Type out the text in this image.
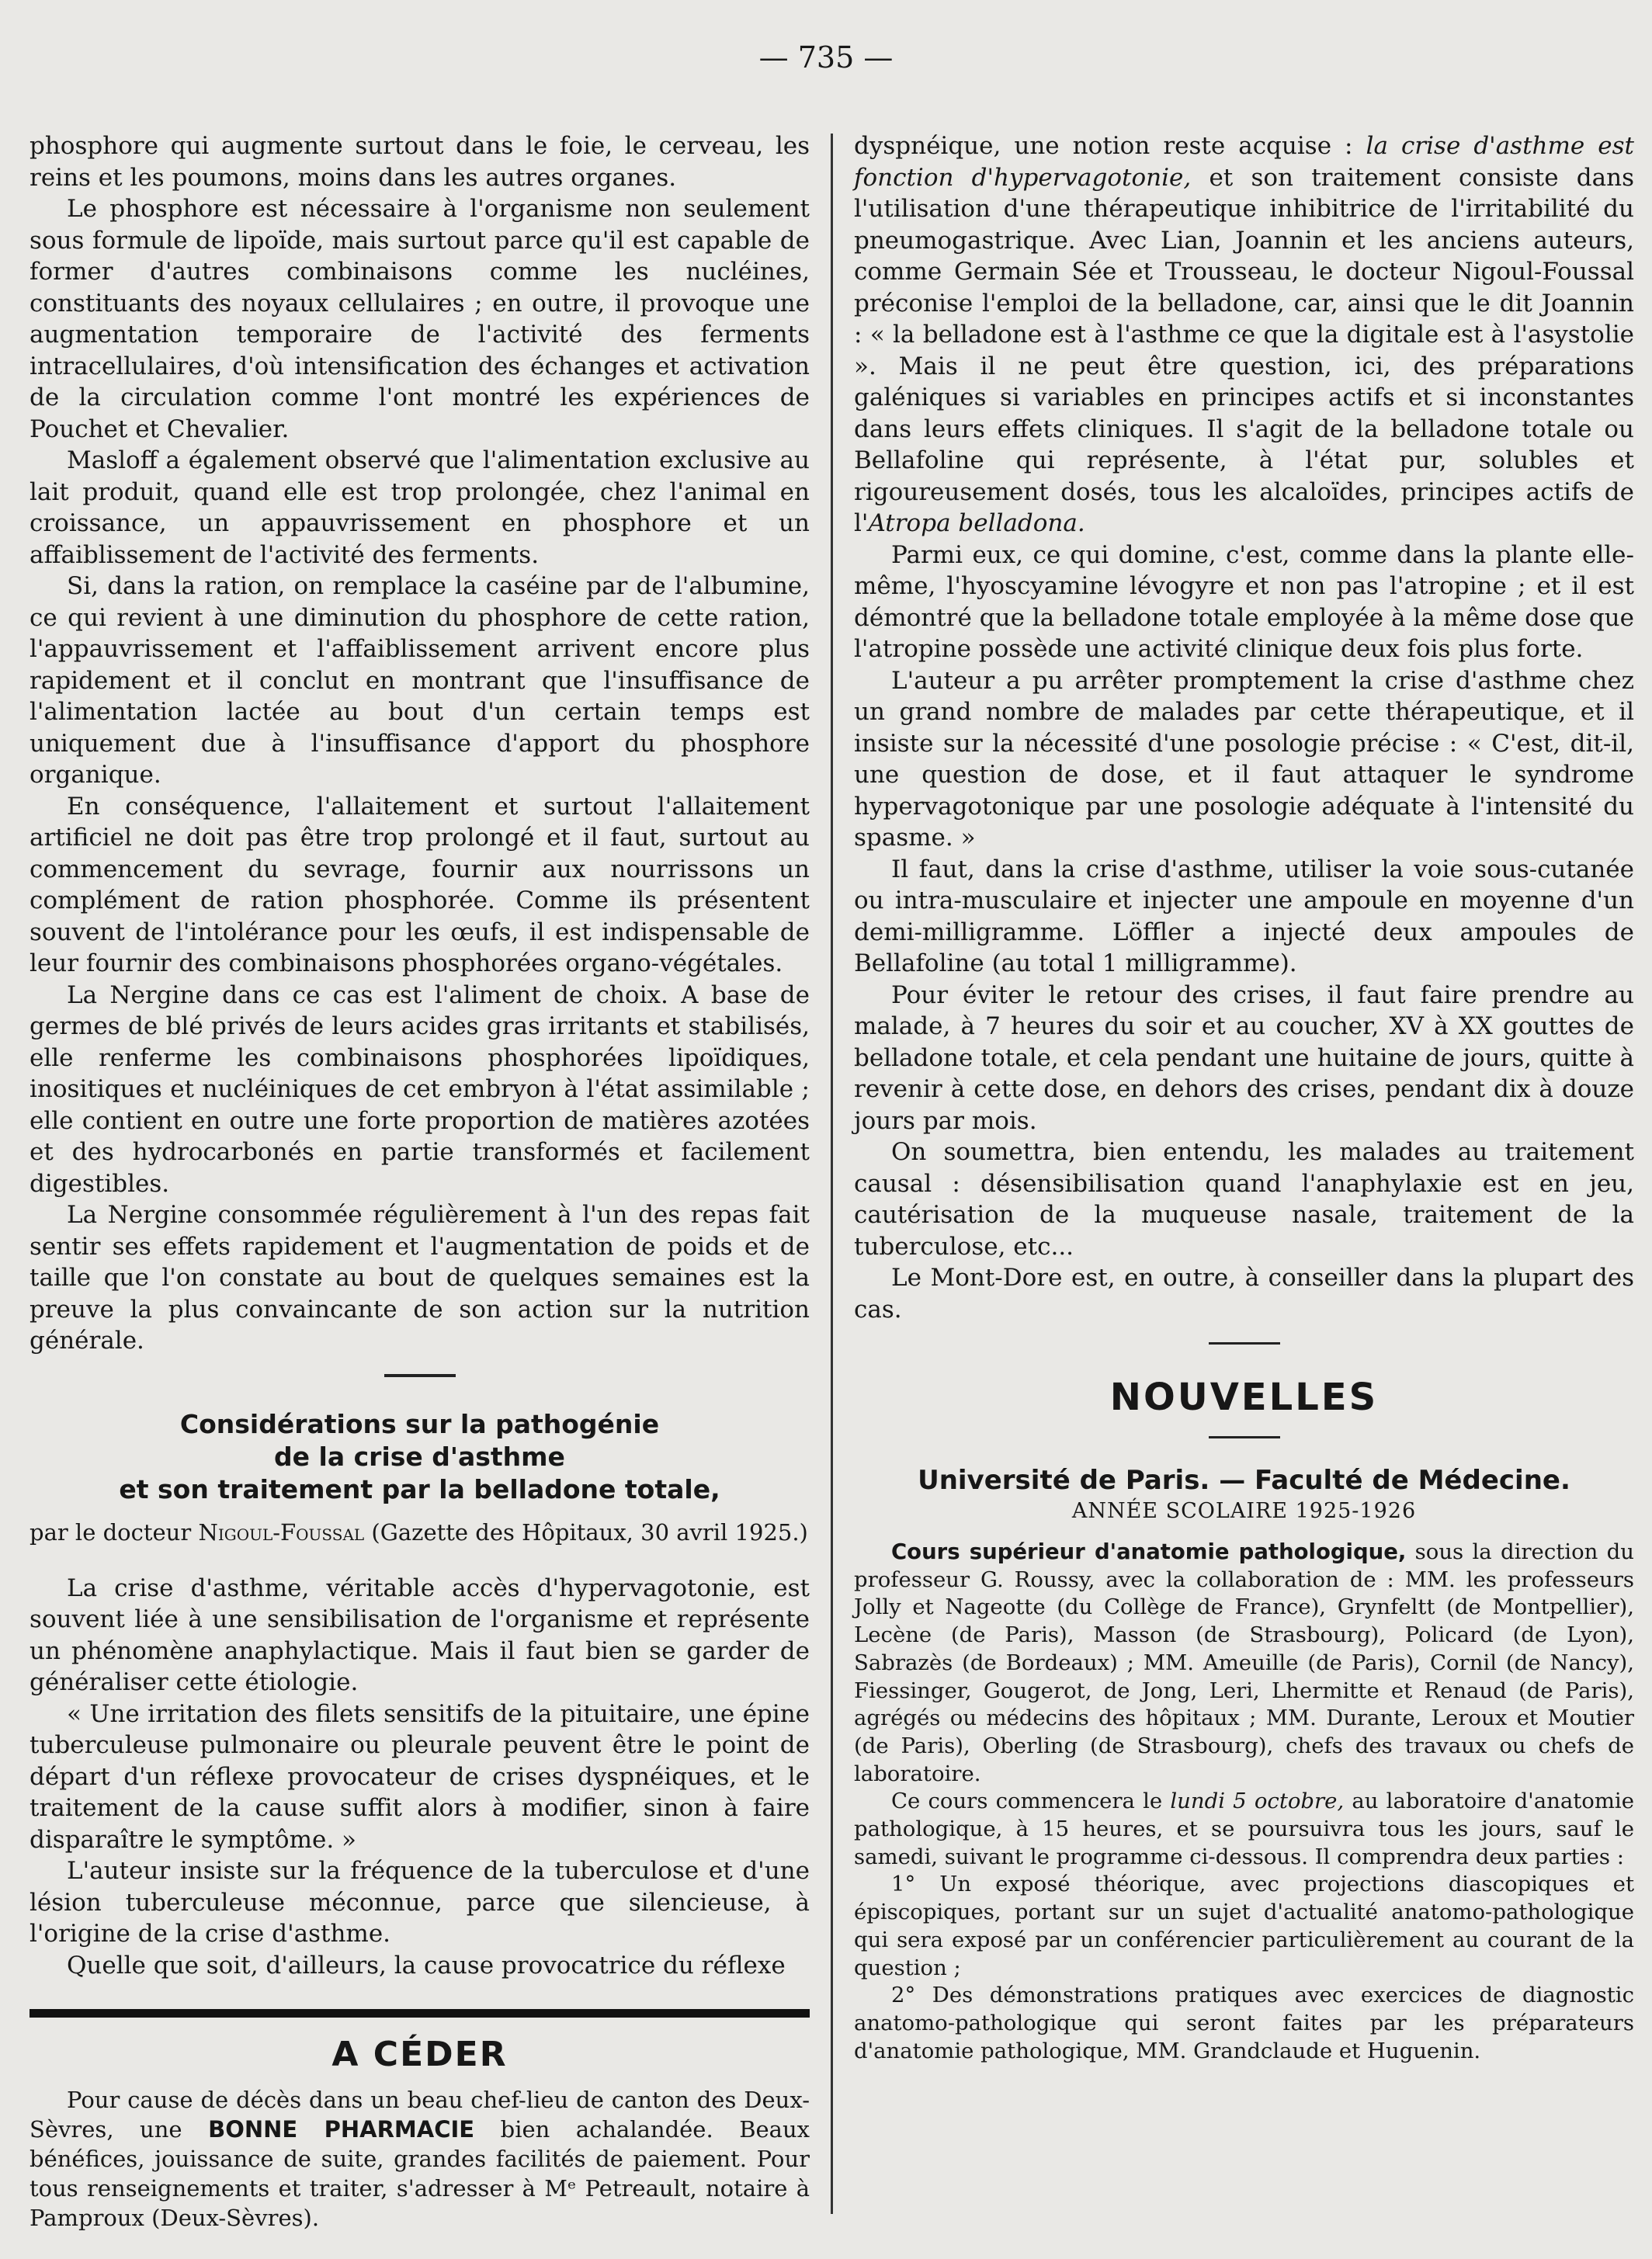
— 735 —

phosphore qui augmente surtout dans le foie, le cerveau, les reins et les poumons, moins dans les autres organes.

Le phosphore est nécessaire à l'organisme non seulement sous formule de lipoïde, mais surtout parce qu'il est capable de former d'autres combinaisons comme les nucléines, constituants des noyaux cellulaires ; en outre, il provoque une augmentation temporaire de l'activité des ferments intracellulaires, d'où intensification des échanges et activation de la circulation comme l'ont montré les expériences de Pouchet et Chevalier.

Masloff a également observé que l'alimentation exclusive au lait produit, quand elle est trop prolongée, chez l'animal en croissance, un appauvrissement en phosphore et un affaiblissement de l'activité des ferments.

Si, dans la ration, on remplace la caséine par de l'albumine, ce qui revient à une diminution du phosphore de cette ration, l'appauvrissement et l'affaiblissement arrivent encore plus rapidement et il conclut en montrant que l'insuffisance de l'alimentation lactée au bout d'un certain temps est uniquement due à l'insuffisance d'apport du phosphore organique.

En conséquence, l'allaitement et surtout l'allaitement artificiel ne doit pas être trop prolongé et il faut, surtout au commencement du sevrage, fournir aux nourrissons un complément de ration phosphorée. Comme ils présentent souvent de l'intolérance pour les œufs, il est indispensable de leur fournir des combinaisons phosphorées organo-végétales.

La Nergine dans ce cas est l'aliment de choix. A base de germes de blé privés de leurs acides gras irritants et stabilisés, elle renferme les combinaisons phosphorées lipoïdiques, inositiques et nucléiniques de cet embryon à l'état assimilable ; elle contient en outre une forte proportion de matières azotées et des hydrocarbonés en partie transformés et facilement digestibles.

La Nergine consommée régulièrement à l'un des repas fait sentir ses effets rapidement et l'augmentation de poids et de taille que l'on constate au bout de quelques semaines est la preuve la plus convaincante de son action sur la nutrition générale.

Considérations sur la pathogénie
de la crise d'asthme
et son traitement par la belladone totale,
par le docteur Nigoul-Foussal (Gazette des Hôpitaux, 30 avril 1925.)

La crise d'asthme, véritable accès d'hypervagotonie, est souvent liée à une sensibilisation de l'organisme et représente un phénomène anaphylactique. Mais il faut bien se garder de généraliser cette étiologie.

« Une irritation des filets sensitifs de la pituitaire, une épine tuberculeuse pulmonaire ou pleurale peuvent être le point de départ d'un réflexe provocateur de crises dyspnéiques, et le traitement de la cause suffit alors à modifier, sinon à faire disparaître le symptôme. »

L'auteur insiste sur la fréquence de la tuberculose et d'une lésion tuberculeuse méconnue, parce que silencieuse, à l'origine de la crise d'asthme.

Quelle que soit, d'ailleurs, la cause provocatrice du réflexe

A CÉDER

Pour cause de décès dans un beau chef-lieu de canton des Deux-Sèvres, une BONNE PHARMACIE bien achalandée. Beaux bénéfices, jouissance de suite, grandes facilités de paiement. Pour tous renseignements et traiter, s'adresser à Mᵉ Petreault, notaire à Pamproux (Deux-Sèvres).

dyspnéique, une notion reste acquise : la crise d'asthme est fonction d'hypervagotonie, et son traitement consiste dans l'utilisation d'une thérapeutique inhibitrice de l'irritabilité du pneumogastrique. Avec Lian, Joannin et les anciens auteurs, comme Germain Sée et Trousseau, le docteur Nigoul-Foussal préconise l'emploi de la belladone, car, ainsi que le dit Joannin : « la belladone est à l'asthme ce que la digitale est à l'asystolie ». Mais il ne peut être question, ici, des préparations galéniques si variables en principes actifs et si inconstantes dans leurs effets cliniques. Il s'agit de la belladone totale ou Bellafoline qui représente, à l'état pur, solubles et rigoureusement dosés, tous les alcaloïdes, principes actifs de l'Atropa belladona.

Parmi eux, ce qui domine, c'est, comme dans la plante elle-même, l'hyoscyamine lévogyre et non pas l'atropine ; et il est démontré que la belladone totale employée à la même dose que l'atropine possède une activité clinique deux fois plus forte.

L'auteur a pu arrêter promptement la crise d'asthme chez un grand nombre de malades par cette thérapeutique, et il insiste sur la nécessité d'une posologie précise : « C'est, dit-il, une question de dose, et il faut attaquer le syndrome hypervagotonique par une posologie adéquate à l'intensité du spasme. »

Il faut, dans la crise d'asthme, utiliser la voie sous-cutanée ou intra-musculaire et injecter une ampoule en moyenne d'un demi-milligramme. Löffler a injecté deux ampoules de Bellafoline (au total 1 milligramme).

Pour éviter le retour des crises, il faut faire prendre au malade, à 7 heures du soir et au coucher, XV à XX gouttes de belladone totale, et cela pendant une huitaine de jours, quitte à revenir à cette dose, en dehors des crises, pendant dix à douze jours par mois.

On soumettra, bien entendu, les malades au traitement causal : désensibilisation quand l'anaphylaxie est en jeu, cautérisation de la muqueuse nasale, traitement de la tuberculose, etc...

Le Mont-Dore est, en outre, à conseiller dans la plupart des cas.

NOUVELLES
Université de Paris. — Faculté de Médecine.
ANNÉE SCOLAIRE 1925-1926

Cours supérieur d'anatomie pathologique, sous la direction du professeur G. Roussy, avec la collaboration de : MM. les professeurs Jolly et Nageotte (du Collège de France), Grynfeltt (de Montpellier), Lecène (de Paris), Masson (de Strasbourg), Policard (de Lyon), Sabrazès (de Bordeaux) ; MM. Ameuille (de Paris), Cornil (de Nancy), Fiessinger, Gougerot, de Jong, Leri, Lhermitte et Renaud (de Paris), agrégés ou médecins des hôpitaux ; MM. Durante, Leroux et Moutier (de Paris), Oberling (de Strasbourg), chefs des travaux ou chefs de laboratoire.

Ce cours commencera le lundi 5 octobre, au laboratoire d'anatomie pathologique, à 15 heures, et se poursuivra tous les jours, sauf le samedi, suivant le programme ci-dessous. Il comprendra deux parties :

1° Un exposé théorique, avec projections diascopiques et épiscopiques, portant sur un sujet d'actualité anatomo-pathologique qui sera exposé par un conférencier particulièrement au courant de la question ;

2° Des démonstrations pratiques avec exercices de diagnostic anatomo-pathologique qui seront faites par les préparateurs d'anatomie pathologique, MM. Grandclaude et Huguenin.
